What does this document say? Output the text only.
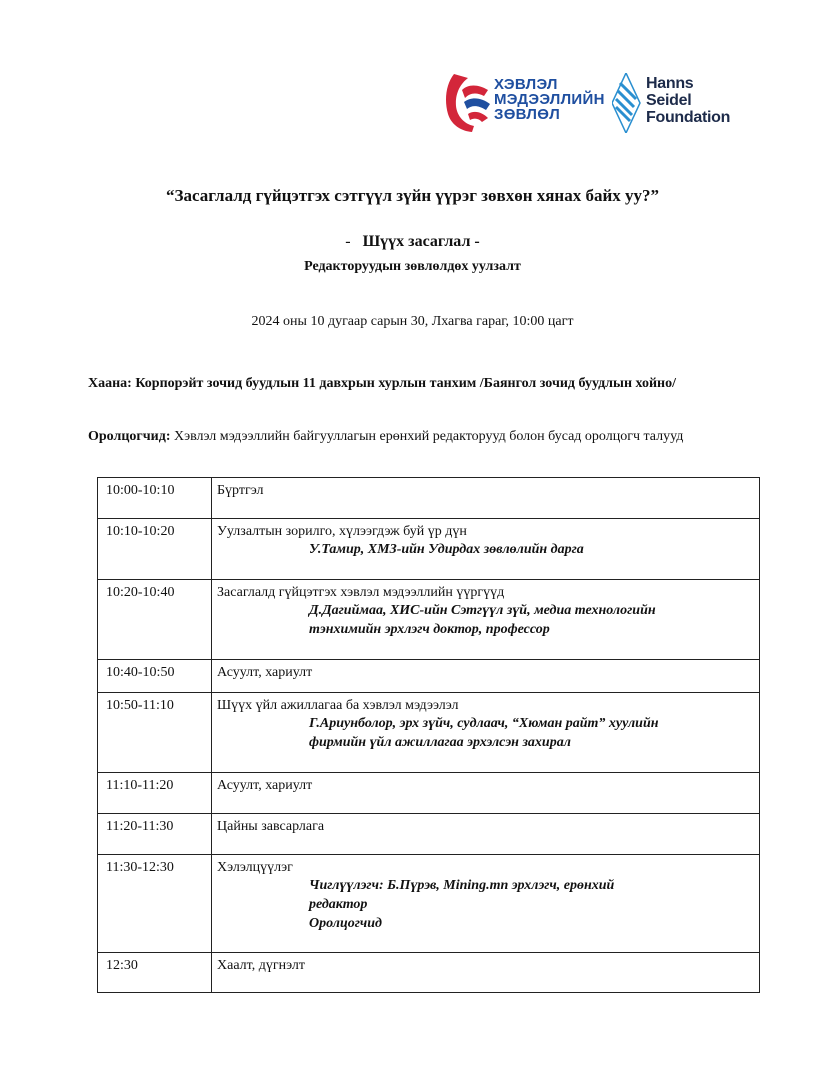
ХЭВЛЭЛ
МЭДЭЭЛЛИЙН
ЗӨВЛӨЛ
Hanns
Seidel
Foundation
“Засаглалд гүйцэтгэх сэтгүүл зүйн үүрэг зөвхөн хянах байх уу?”
- Шүүх засаглал -
Редакторуудын зөвлөлдөх уулзалт
2024 оны 10 дугаар сарын 30, Лхагва гараг, 10:00 цагт
Хаана: Корпорэйт зочид буудлын 11 давхрын хурлын танхим /Баянгол зочид буудлын хойно/
Оролцогчид: Хэвлэл мэдээллийн байгууллагын ерөнхий редакторууд болон бусад оролцогч талууд
10:00-10:10	Бүртгэл

10:10-10:20	Уулзалтын зорилго, хүлээгдэж буй үр дүн
У.Тамир, ХМЗ-ийн Удирдах зөвлөлийн дарга

10:20-10:40	Засаглалд гүйцэтгэх хэвлэл мэдээллийн үүргүүд
Д.Дагиймаа, ХИС-ийн Сэтгүүл зүй, медиа технологийн
тэнхимийн эрхлэгч доктор, профессор

10:40-10:50	Асуулт, хариулт

10:50-11:10	Шүүх үйл ажиллагаа ба хэвлэл мэдээлэл
Г.Ариунболор, эрх зүйч, судлаач, “Хюман райт” хуулийн
фирмийн үйл ажиллагаа эрхэлсэн захирал

11:10-11:20	Асуулт, хариулт

11:20-11:30	Цайны завсарлага

11:30-12:30	Хэлэлцүүлэг
Чиглүүлэгч: Б.Пүрэв, Mining.mn эрхлэгч, ерөнхий
редактор
Оролцогчид

12:30	Хаалт, дүгнэлт
